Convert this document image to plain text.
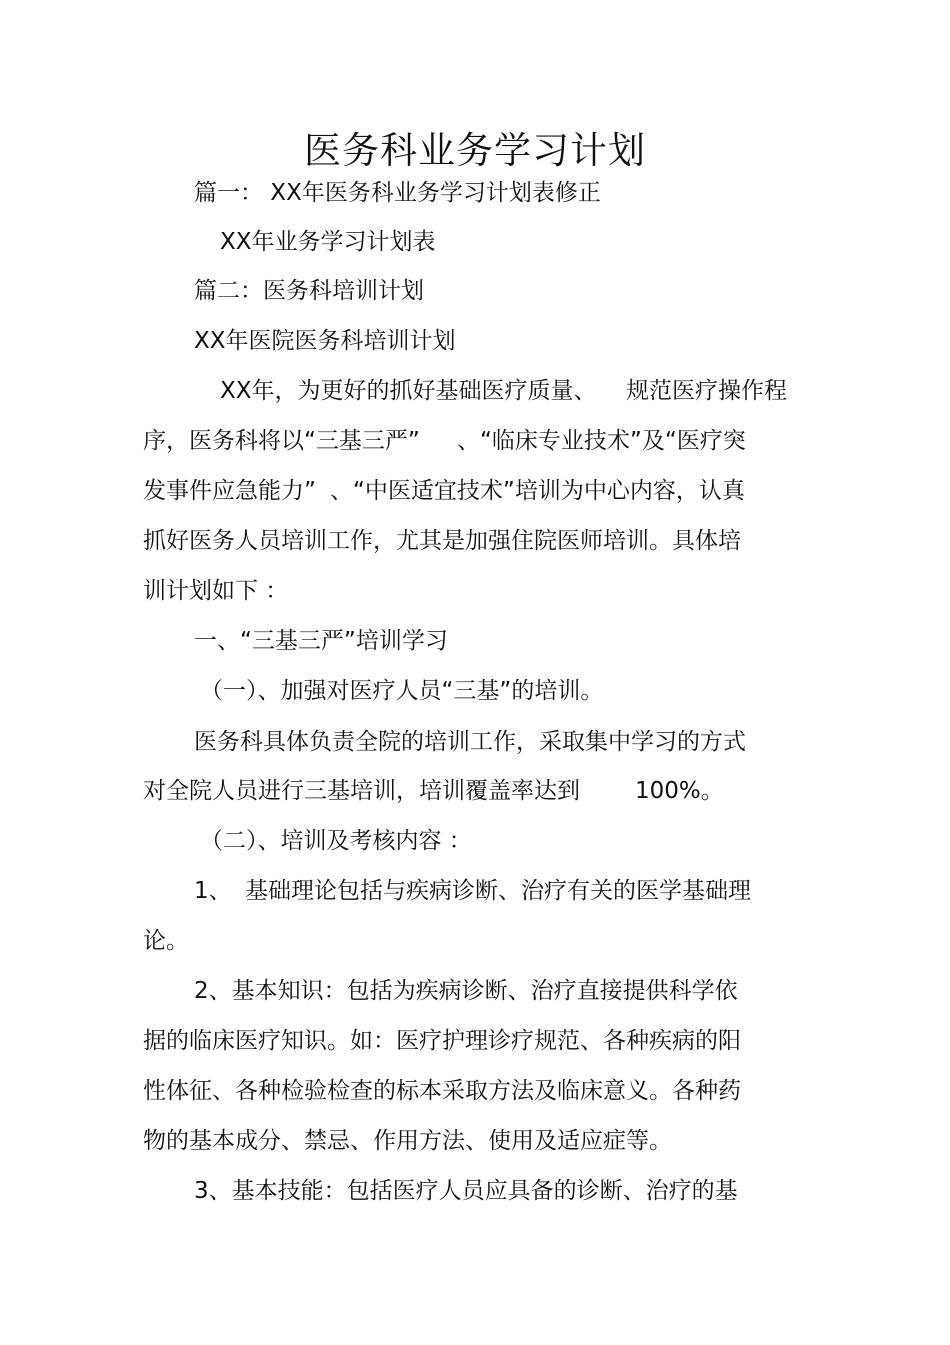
医务科业务学习计划
篇一： XX年医务科业务学习计划表修正
XX年业务学习计划表
篇二：医务科培训计划
XX年医院医务科培训计划
XX年，为更好的抓好基础医疗质量、 规范医疗操作程
序，医务科将以“三基三严” 、“临床专业技术”及“医疗突
发事件应急能力” 、“中医适宜技术”培训为中心内容，认真
抓好医务人员培训工作，尤其是加强住院医师培训。具体培
训计划如下 ：
一、“三基三严”培训学习
（一）、加强对医疗人员“三基”的培训。
医务科具体负责全院的培训工作，采取集中学习的方式
对全院人员进行三基培训，培训覆盖率达到 100%。
（二）、培训及考核内容 ：
1、 基础理论包括与疾病诊断、治疗有关的医学基础理
论。
2、基本知识：包括为疾病诊断、治疗直接提供科学依
据的临床医疗知识。如：医疗护理诊疗规范、各种疾病的阳
性体征、各种检验检查的标本采取方法及临床意义。各种药
物的基本成分、禁忌、作用方法、使用及适应症等。
3、基本技能：包括医疗人员应具备的诊断、治疗的基
